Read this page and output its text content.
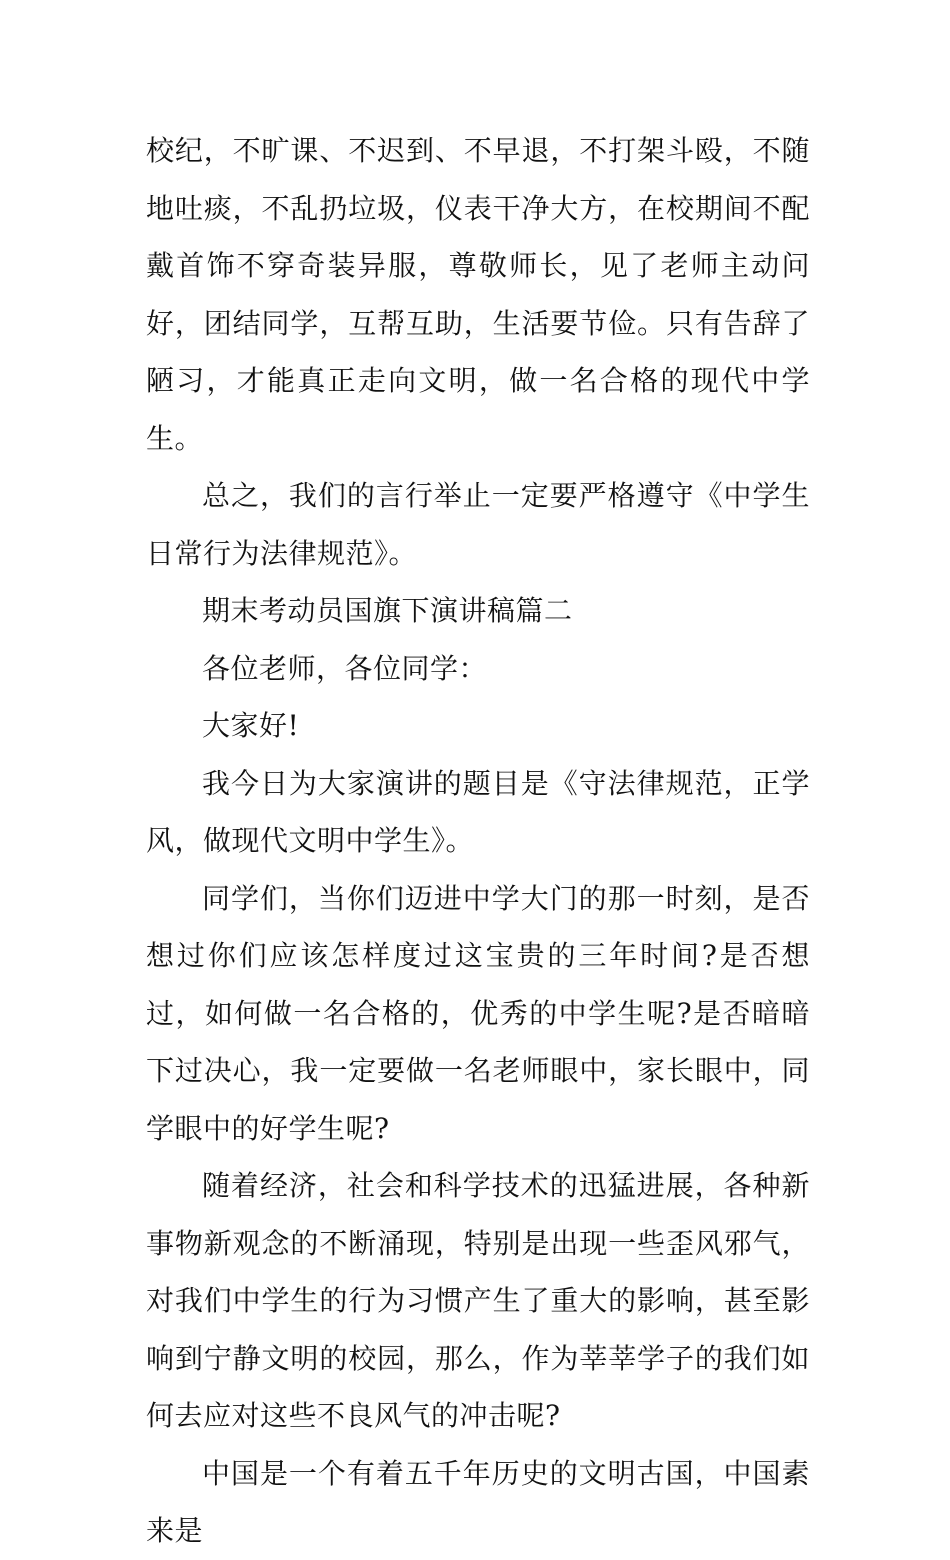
校纪，不旷课、不迟到、不早退，不打架斗殴，不随地吐痰，不乱扔垃圾，仪表干净大方，在校期间不配戴首饰不穿奇装异服，尊敬师长，见了老师主动问好，团结同学，互帮互助，生活要节俭。只有告辞了陋习，才能真正走向文明，做一名合格的现代中学生。

总之，我们的言行举止一定要严格遵守《中学生日常行为法律规范》。

期末考动员国旗下演讲稿篇二

各位老师，各位同学：

大家好!

我今日为大家演讲的题目是《守法律规范，正学风，做现代文明中学生》。

同学们，当你们迈进中学大门的那一时刻，是否想过你们应该怎样度过这宝贵的三年时间?是否想过，如何做一名合格的，优秀的中学生呢?是否暗暗下过决心，我一定要做一名老师眼中，家长眼中，同学眼中的好学生呢?

随着经济，社会和科学技术的迅猛进展，各种新事物新观念的不断涌现，特别是出现一些歪风邪气，对我们中学生的行为习惯产生了重大的影响，甚至影响到宁静文明的校园，那么，作为莘莘学子的我们如何去应对这些不良风气的冲击呢?

中国是一个有着五千年历史的文明古国，中国素来是
